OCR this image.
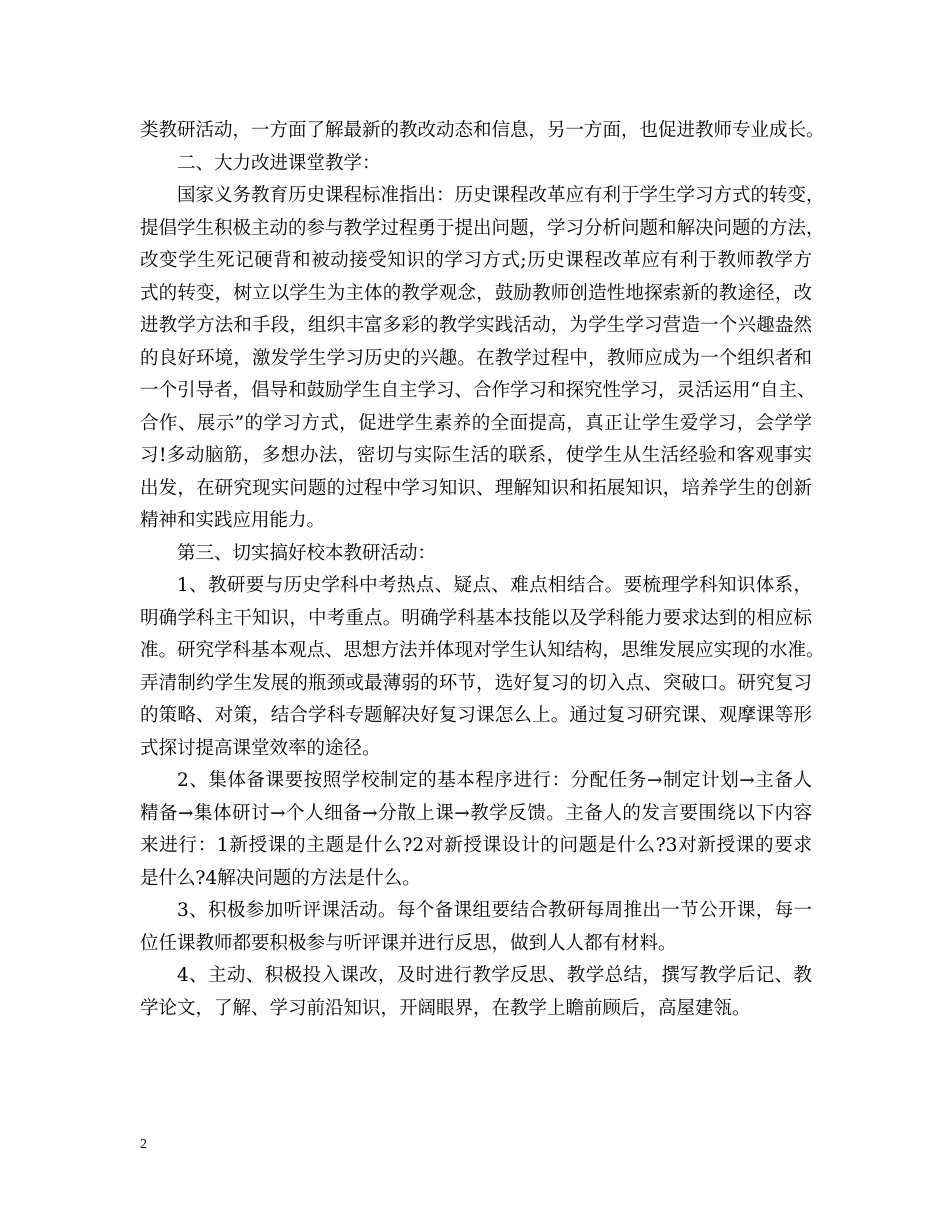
类教研活动，一方面了解最新的教改动态和信息，另一方面，也促进教师专业成长。
二、大力改进课堂教学：
国家义务教育历史课程标准指出：历史课程改革应有利于学生学习方式的转变，
提倡学生积极主动的参与教学过程勇于提出问题，学习分析问题和解决问题的方法，
改变学生死记硬背和被动接受知识的学习方式;历史课程改革应有利于教师教学方
式的转变，树立以学生为主体的教学观念，鼓励教师创造性地探索新的教途径，改
进教学方法和手段，组织丰富多彩的教学实践活动，为学生学习营造一个兴趣盎然
的良好环境，激发学生学习历史的兴趣。在教学过程中，教师应成为一个组织者和
一个引导者，倡导和鼓励学生自主学习、合作学习和探究性学习，灵活运用“自主、
合作、展示”的学习方式，促进学生素养的全面提高，真正让学生爱学习，会学学
习!多动脑筋，多想办法，密切与实际生活的联系，使学生从生活经验和客观事实
出发，在研究现实问题的过程中学习知识、理解知识和拓展知识，培养学生的创新
精神和实践应用能力。
第三、切实搞好校本教研活动：
1、教研要与历史学科中考热点、疑点、难点相结合。要梳理学科知识体系，
明确学科主干知识，中考重点。明确学科基本技能以及学科能力要求达到的相应标
准。研究学科基本观点、思想方法并体现对学生认知结构，思维发展应实现的水准。
弄清制约学生发展的瓶颈或最薄弱的环节，选好复习的切入点、突破口。研究复习
的策略、对策，结合学科专题解决好复习课怎么上。通过复习研究课、观摩课等形
式探讨提高课堂效率的途径。
2、集体备课要按照学校制定的基本程序进行：分配任务→制定计划→主备人
精备→集体研讨→个人细备→分散上课→教学反馈。主备人的发言要围绕以下内容
来进行：1新授课的主题是什么?2对新授课设计的问题是什么?3对新授课的要求
是什么?4解决问题的方法是什么。
3、积极参加听评课活动。每个备课组要结合教研每周推出一节公开课，每一
位任课教师都要积极参与听评课并进行反思，做到人人都有材料。
4、主动、积极投入课改，及时进行教学反思、教学总结，撰写教学后记、教
学论文，了解、学习前沿知识，开阔眼界，在教学上瞻前顾后，高屋建瓴。
2
